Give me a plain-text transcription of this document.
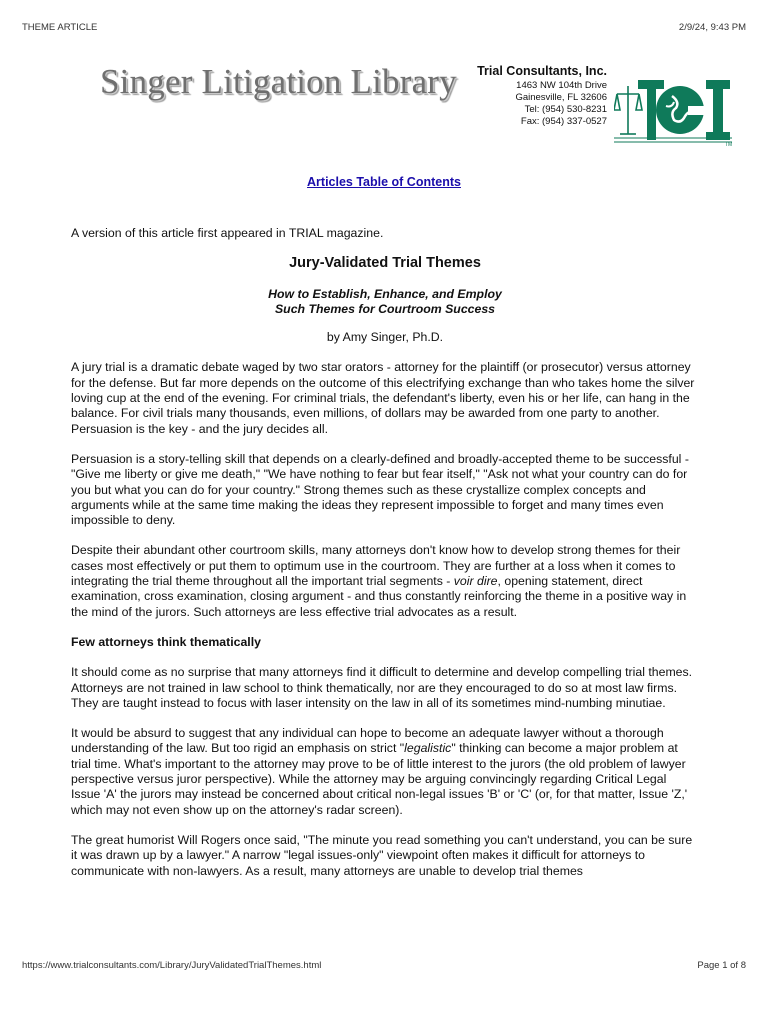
THEME ARTICLE	2/9/24, 9:43 PM
Singer Litigation Library Trial Consultants, Inc.
1463 NW 104th Drive
Gainesville, FL 32606
Tel: (954) 530-8231
Fax: (954) 337-0527
TM
Articles Table of Contents

A version of this article first appeared in TRIAL magazine.

Jury-Validated Trial Themes

How to Establish, Enhance, and Employ
Such Themes for Courtroom Success

by Amy Singer, Ph.D.

A jury trial is a dramatic debate waged by two star orators - attorney for the plaintiff (or prosecutor) versus attorney for the defense. But far more depends on the outcome of this electrifying exchange than who takes home the silver loving cup at the end of the evening. For criminal trials, the defendant's liberty, even his or her life, can hang in the balance. For civil trials many thousands, even millions, of dollars may be awarded from one party to another. Persuasion is the key - and the jury decides all.

Persuasion is a story-telling skill that depends on a clearly-defined and broadly-accepted theme to be successful - "Give me liberty or give me death," "We have nothing to fear but fear itself," "Ask not what your country can do for you but what you can do for your country." Strong themes such as these crystallize complex concepts and arguments while at the same time making the ideas they represent impossible to forget and many times even impossible to deny.

Despite their abundant other courtroom skills, many attorneys don't know how to develop strong themes for their cases most effectively or put them to optimum use in the courtroom. They are further at a loss when it comes to integrating the trial theme throughout all the important trial segments - voir dire, opening statement, direct examination, cross examination, closing argument - and thus constantly reinforcing the theme in a positive way in the mind of the jurors. Such attorneys are less effective trial advocates as a result.

Few attorneys think thematically

It should come as no surprise that many attorneys find it difficult to determine and develop compelling trial themes. Attorneys are not trained in law school to think thematically, nor are they encouraged to do so at most law firms. They are taught instead to focus with laser intensity on the law in all of its sometimes mind-numbing minutiae.

It would be absurd to suggest that any individual can hope to become an adequate lawyer without a thorough understanding of the law. But too rigid an emphasis on strict "legalistic" thinking can become a major problem at trial time. What's important to the attorney may prove to be of little interest to the jurors (the old problem of lawyer perspective versus juror perspective). While the attorney may be arguing convincingly regarding Critical Legal Issue 'A' the jurors may instead be concerned about critical non-legal issues 'B' or 'C' (or, for that matter, Issue 'Z,' which may not even show up on the attorney's radar screen).

The great humorist Will Rogers once said, "The minute you read something you can't understand, you can be sure it was drawn up by a lawyer." A narrow "legal issues-only" viewpoint often makes it difficult for attorneys to communicate with non-lawyers. As a result, many attorneys are unable to develop trial themes

https://www.trialconsultants.com/Library/JuryValidatedTrialThemes.html	Page 1 of 8
